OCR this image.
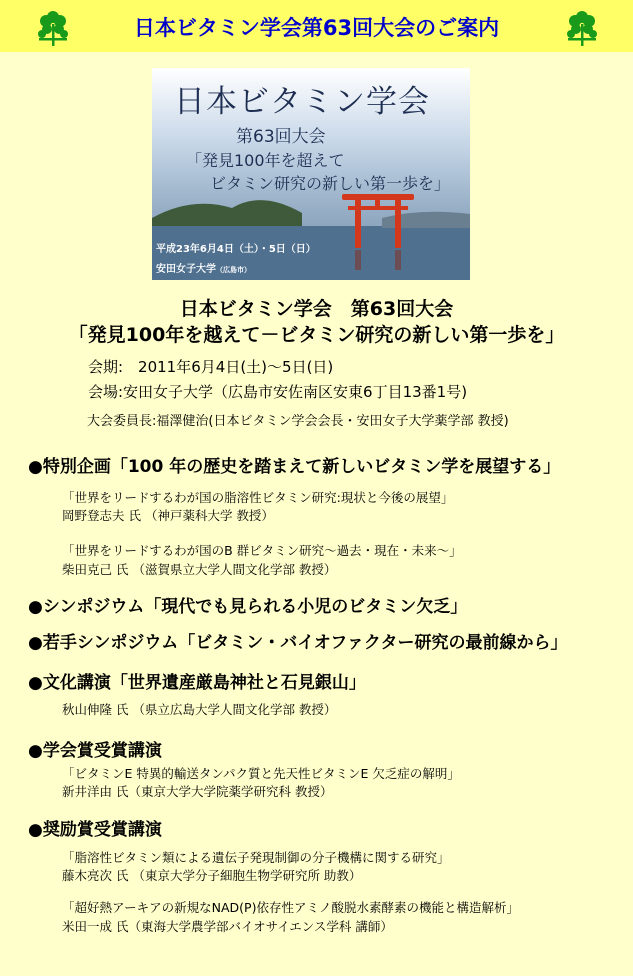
日本ビタミン学会第63回大会のご案内
日本ビタミン学会
第63回大会
「発見100年を超えて
ビタミン研究の新しい第一歩を」
平成23年6月4日（土）・5日（日）
安田女子大学（広島市）
日本ビタミン学会　第63回大会
「発見100年を越えて－ビタミン研究の新しい第一歩を」
会期:　2011年6月4日(土)～5日(日)
会場:安田女子大学（広島市安佐南区安東6丁目13番1号)
大会委員長:福澤健治(日本ビタミン学会会長・安田女子大学薬学部 教授)
●特別企画「100 年の歴史を踏まえて新しいビタミン学を展望する」
「世界をリードするわが国の脂溶性ビタミン研究:現状と今後の展望」
岡野登志夫 氏 （神戸薬科大学 教授）
「世界をリードするわが国のB 群ビタミン研究～過去・現在・未来～」
柴田克己 氏 （滋賀県立大学人間文化学部 教授）
●シンポジウム「現代でも見られる小児のビタミン欠乏」
●若手シンポジウム「ビタミン・バイオファクター研究の最前線から」
●文化講演「世界遺産厳島神社と石見銀山」
秋山伸隆 氏 （県立広島大学人間文化学部 教授）
●学会賞受賞講演
「ビタミンE 特異的輸送タンパク質と先天性ビタミンE 欠乏症の解明」
新井洋由 氏（東京大学大学院薬学研究科 教授）
●奨励賞受賞講演
「脂溶性ビタミン類による遺伝子発現制御の分子機構に関する研究」
藤木亮次 氏 （東京大学分子細胞生物学研究所 助教）
「超好熱アーキアの新規なNAD(P)依存性アミノ酸脱水素酵素の機能と構造解析」
米田一成 氏（東海大学農学部バイオサイエンス学科 講師）
